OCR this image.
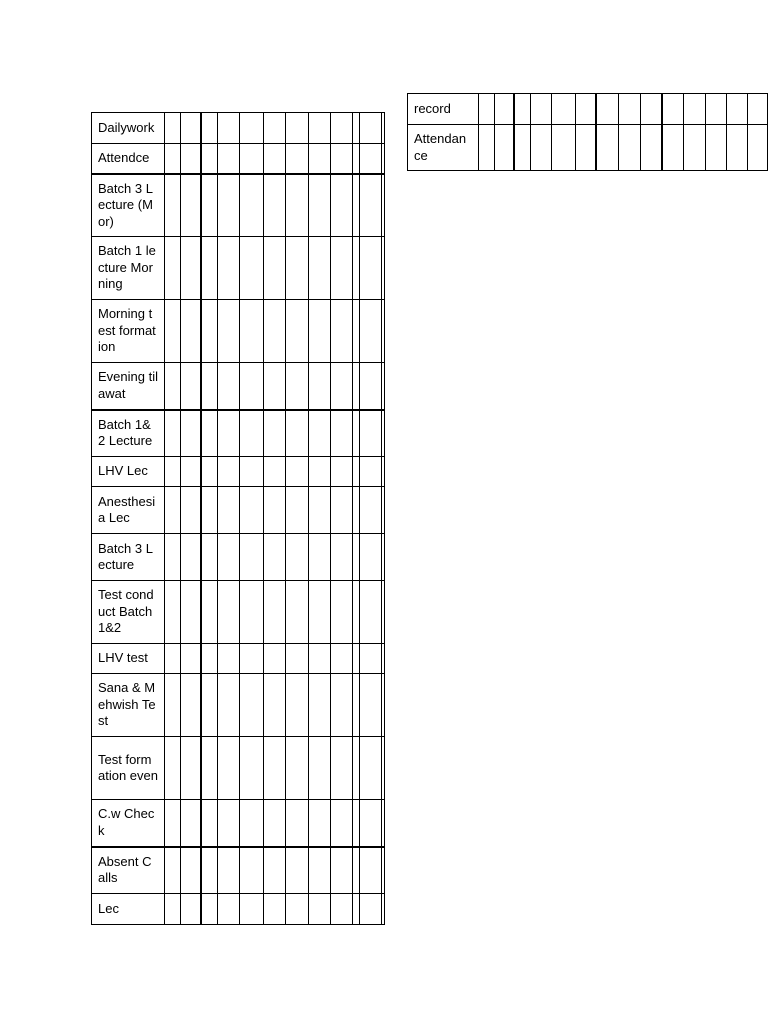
Dailywork												
Attendce												
Batch 3 Lecture (Mor)												
Batch 1 lecture Morning												
Morning test formation												
Evening tilawat												
Batch 1& 2 Lecture												
LHV Lec												
Anesthesia Lec												
Batch 3 Lecture												
Test conduct Batch1&2												
LHV test												
Sana & Mehwish Test												
Test formation even												
C.w Check												
Absent Calls												
Lec												
record														
Attendance														
